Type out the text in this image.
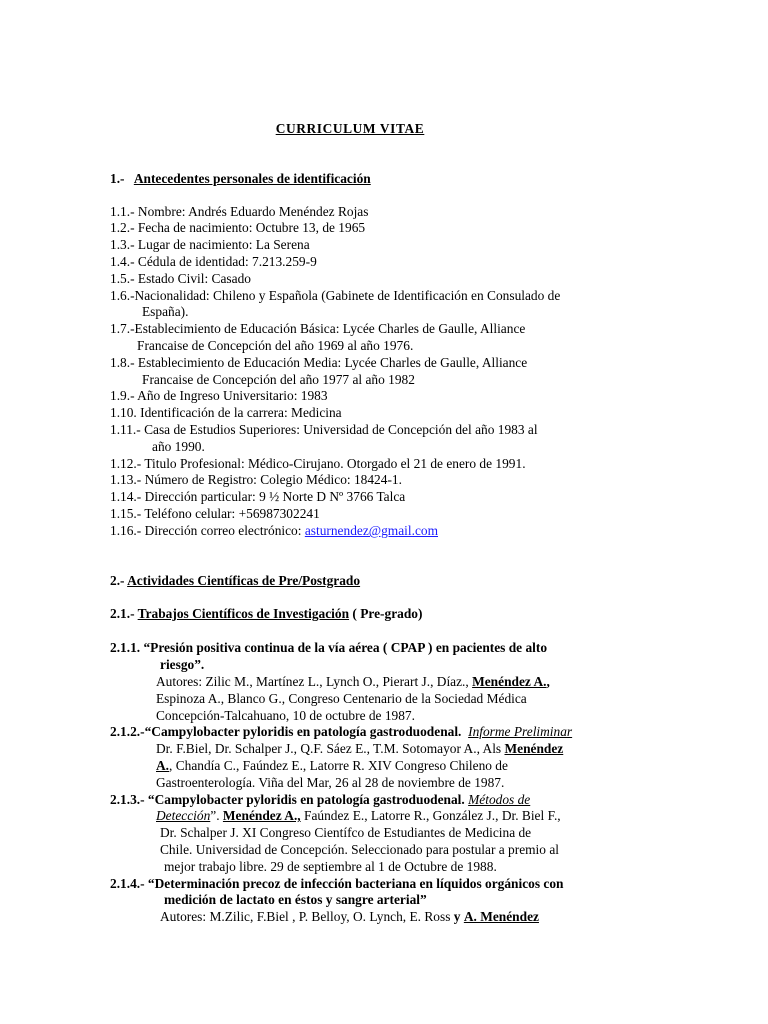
CURRICULUM VITAE
1.- Antecedentes personales de identificación
1.1.- Nombre: Andrés Eduardo Menéndez Rojas
1.2.- Fecha de nacimiento: Octubre 13, de 1965
1.3.- Lugar de nacimiento: La Serena
1.4.- Cédula de identidad: 7.213.259-9
1.5.- Estado Civil: Casado
1.6.-Nacionalidad: Chileno y Española (Gabinete de Identificación en Consulado de
España).
1.7.-Establecimiento de Educación Básica: Lycée Charles de Gaulle, Alliance
Francaise de Concepción del año 1969 al año 1976.
1.8.- Establecimiento de Educación Media: Lycée Charles de Gaulle, Alliance
Francaise de Concepción del año 1977 al año 1982
1.9.- Año de Ingreso Universitario: 1983
1.10. Identificación de la carrera: Medicina
1.11.- Casa de Estudios Superiores: Universidad de Concepción del año 1983 al
año 1990.
1.12.- Titulo Profesional: Médico-Cirujano. Otorgado el 21 de enero de 1991.
1.13.- Número de Registro: Colegio Médico: 18424-1.
1.14.- Dirección particular: 9 ½ Norte D Nº 3766 Talca
1.15.- Teléfono celular: +56987302241
1.16.- Dirección correo electrónico: asturnendez@gmail.com
2.- Actividades Científicas de Pre/Postgrado
2.1.- Trabajos Científicos de Investigación ( Pre-grado)
2.1.1. “Presión positiva continua de la vía aérea ( CPAP ) en pacientes de alto
riesgo”.
Autores: Zilic M., Martínez L., Lynch O., Pierart J., Díaz., Menéndez A.,
Espinoza A., Blanco G., Congreso Centenario de la Sociedad Médica
Concepción-Talcahuano, 10 de octubre de 1987.
2.1.2.-“Campylobacter pyloridis en patología gastroduodenal. Informe Preliminar
Dr. F.Biel, Dr. Schalper J., Q.F. Sáez E., T.M. Sotomayor A., Als Menéndez
A., Chandía C., Faúndez E., Latorre R. XIV Congreso Chileno de
Gastroenterología. Viña del Mar, 26 al 28 de noviembre de 1987.
2.1.3.- “Campylobacter pyloridis en patología gastroduodenal. Métodos de
Detección”. Menéndez A., Faúndez E., Latorre R., González J., Dr. Biel F.,
Dr. Schalper J. XI Congreso Científco de Estudiantes de Medicina de
Chile. Universidad de Concepción. Seleccionado para postular a premio al
mejor trabajo libre. 29 de septiembre al 1 de Octubre de 1988.
2.1.4.- “Determinación precoz de infección bacteriana en líquidos orgánicos con
medición de lactato en éstos y sangre arterial”
Autores: M.Zilic, F.Biel , P. Belloy, O. Lynch, E. Ross y A. Menéndez
